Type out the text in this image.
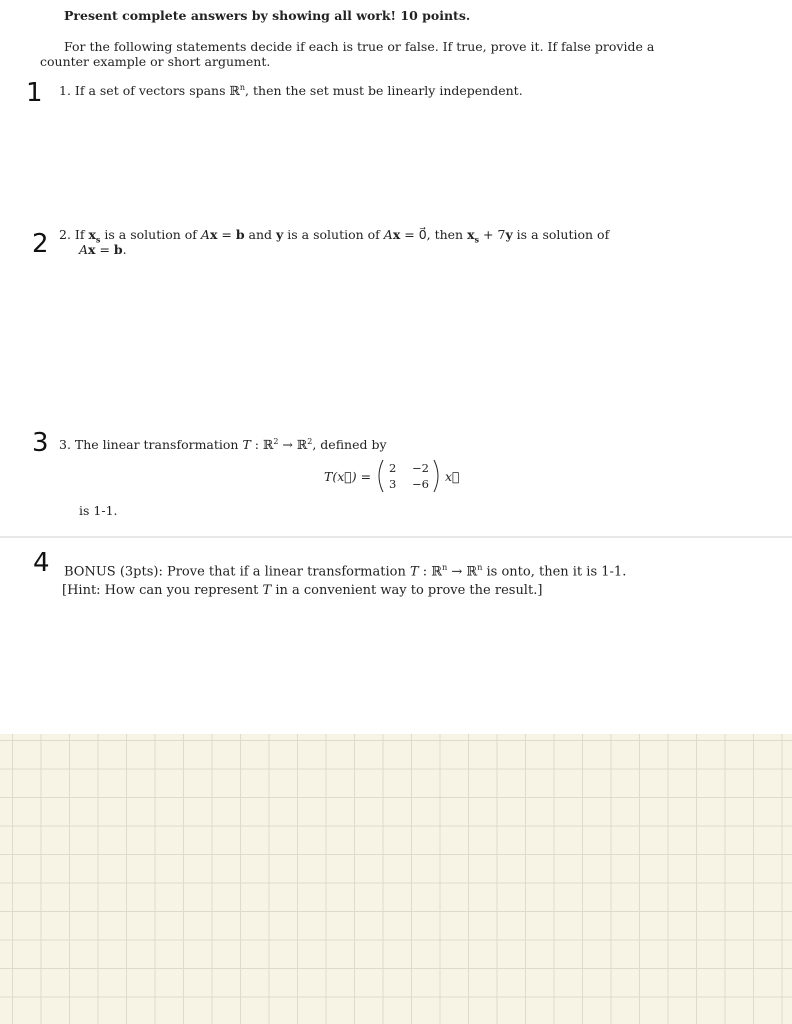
Present complete answers by showing all work! 10 points.
For the following statements decide if each is true or false. If true, prove it. If false provide a
counter example or short argument.
1 1. If a set of vectors spans ℝ$^n$, then the set must be linearly independent.
2 2. If $x_s$ is a solution of Ax = b and y is a solution of Ax = 0⃗, then $x_s + 7y$ is a solution of
Ax = b.
3 3. The linear transformation T : ℝ$^2$ → ℝ$^2$, defined by
T(x⃗) =
2 −2
3 −6 x⃗
is 1-1.
4 BONUS (3pts): Prove that if a linear transformation T : ℝ$^n$ → ℝ$^n$ is onto, then it is 1-1.
[Hint: How can you represent T in a convenient way to prove the result.]
